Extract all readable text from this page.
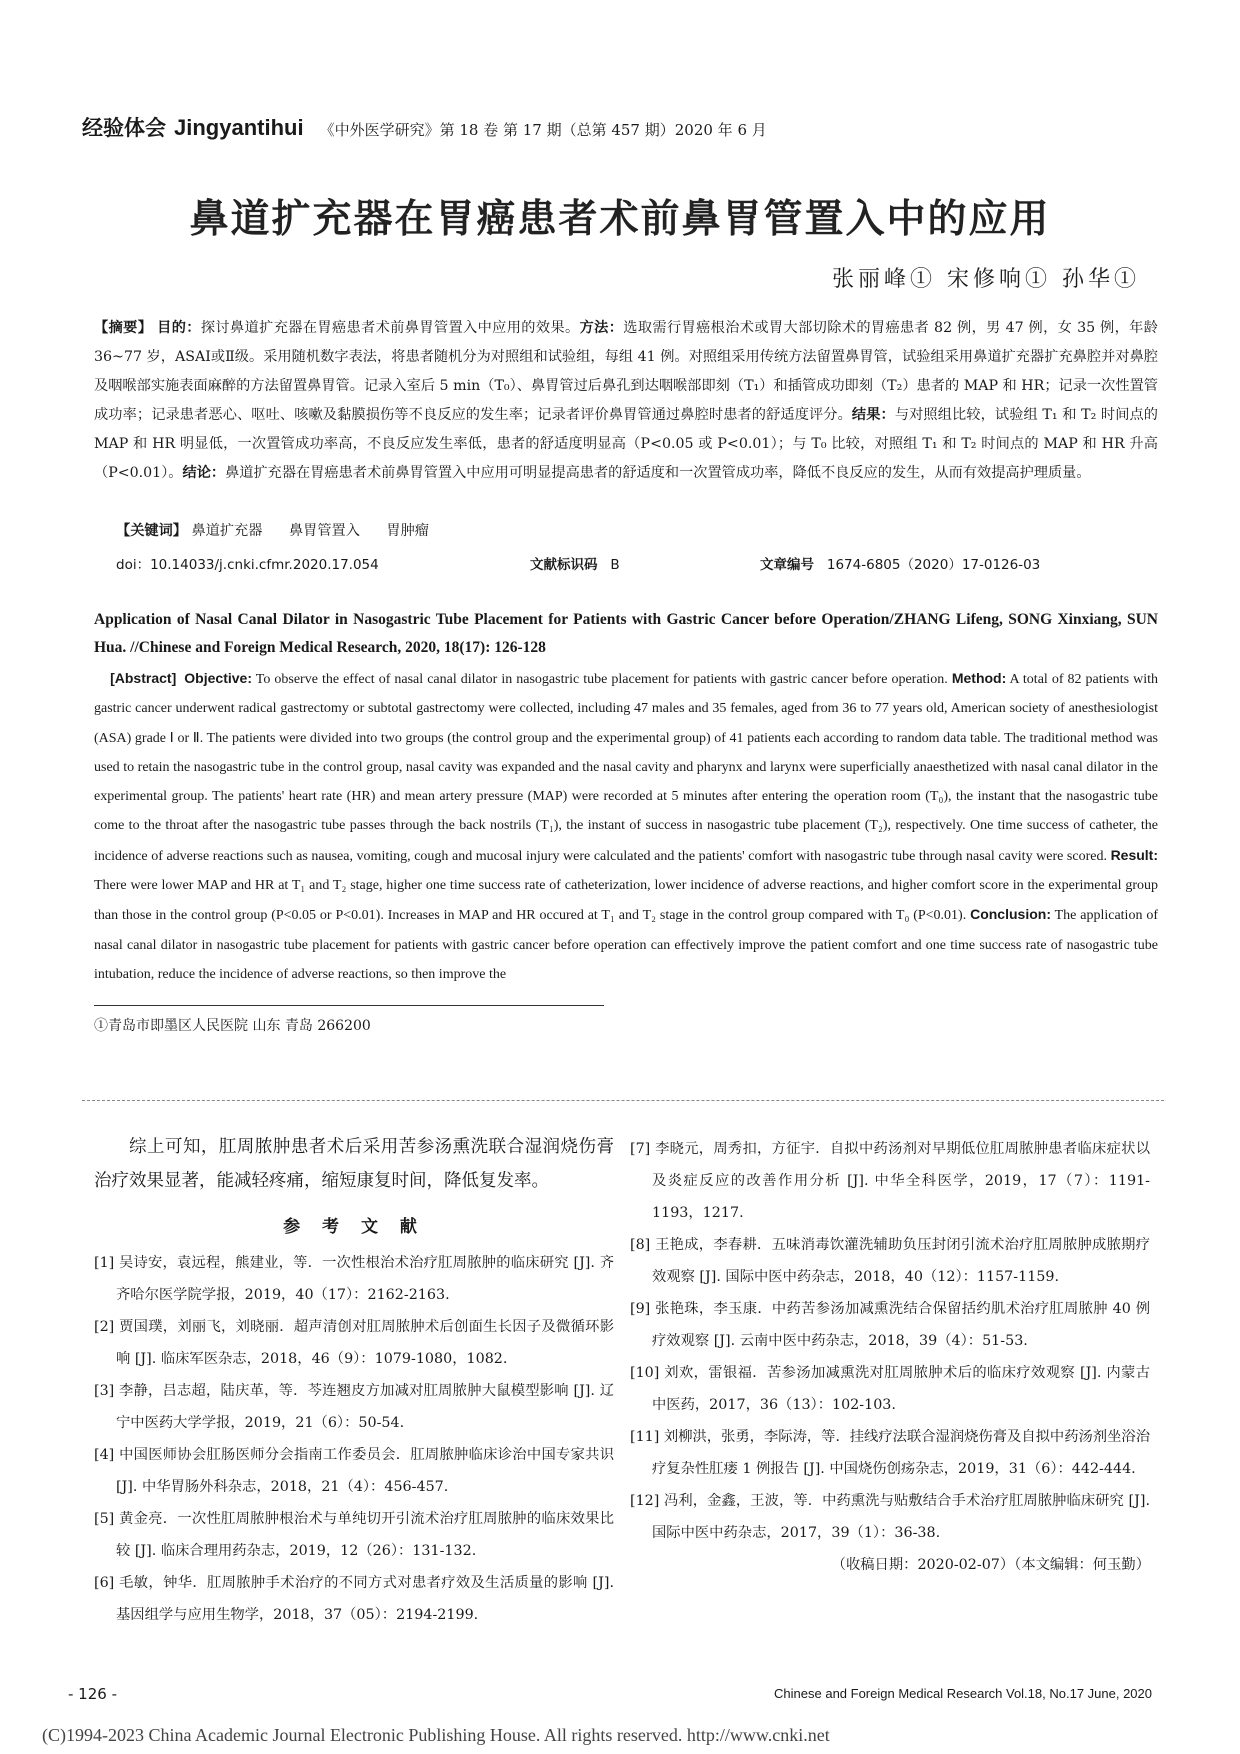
经验体会 Jingyantihui 《中外医学研究》第 18 卷 第 17 期（总第 457 期）2020 年 6 月
鼻道扩充器在胃癌患者术前鼻胃管置入中的应用
张丽峰① 宋修响① 孙华①
【摘要】 目的：探讨鼻道扩充器在胃癌患者术前鼻胃管置入中应用的效果。方法：选取需行胃癌根治术或胃大部切除术的胃癌患者 82 例，男 47 例，女 35 例，年龄 36~77 岁，ASAⅠ或Ⅱ级。采用随机数字表法，将患者随机分为对照组和试验组，每组 41 例。对照组采用传统方法留置鼻胃管，试验组采用鼻道扩充器扩充鼻腔并对鼻腔及咽喉部实施表面麻醉的方法留置鼻胃管。记录入室后 5 min（T₀）、鼻胃管过后鼻孔到达咽喉部即刻（T₁）和插管成功即刻（T₂）患者的 MAP 和 HR；记录一次性置管成功率；记录患者恶心、呕吐、咳嗽及黏膜损伤等不良反应的发生率；记录者评价鼻胃管通过鼻腔时患者的舒适度评分。结果：与对照组比较，试验组 T₁ 和 T₂ 时间点的 MAP 和 HR 明显低，一次置管成功率高，不良反应发生率低，患者的舒适度明显高（P<0.05 或 P<0.01）；与 T₀ 比较，对照组 T₁ 和 T₂ 时间点的 MAP 和 HR 升高（P<0.01）。结论：鼻道扩充器在胃癌患者术前鼻胃管置入中应用可明显提高患者的舒适度和一次置管成功率，降低不良反应的发生，从而有效提高护理质量。
【关键词】 鼻道扩充器 鼻胃管置入 胃肿瘤
doi：10.14033/j.cnki.cfmr.2020.17.054	文献标识码 B	文章编号 1674-6805（2020）17-0126-03
Application of Nasal Canal Dilator in Nasogastric Tube Placement for Patients with Gastric Cancer before Operation/ZHANG Lifeng, SONG Xinxiang, SUN Hua. //Chinese and Foreign Medical Research, 2020, 18(17): 126-128
[Abstract] Objective: To observe the effect of nasal canal dilator in nasogastric tube placement for patients with gastric cancer before operation. Method: A total of 82 patients with gastric cancer underwent radical gastrectomy or subtotal gastrectomy were collected, including 47 males and 35 females, aged from 36 to 77 years old, American society of anesthesiologist (ASA) grade Ⅰ or Ⅱ. The patients were divided into two groups (the control group and the experimental group) of 41 patients each according to random data table. The traditional method was used to retain the nasogastric tube in the control group, nasal cavity was expanded and the nasal cavity and pharynx and larynx were superficially anaesthetized with nasal canal dilator in the experimental group. The patients' heart rate (HR) and mean artery pressure (MAP) were recorded at 5 minutes after entering the operation room (T₀), the instant that the nasogastric tube come to the throat after the nasogastric tube passes through the back nostrils (T₁), the instant of success in nasogastric tube placement (T₂), respectively. One time success of catheter, the incidence of adverse reactions such as nausea, vomiting, cough and mucosal injury were calculated and the patients' comfort with nasogastric tube through nasal cavity were scored. Result: There were lower MAP and HR at T₁ and T₂ stage, higher one time success rate of catheterization, lower incidence of adverse reactions, and higher comfort score in the experimental group than those in the control group (P<0.05 or P<0.01). Increases in MAP and HR occured at T₁ and T₂ stage in the control group compared with T₀ (P<0.01). Conclusion: The application of nasal canal dilator in nasogastric tube placement for patients with gastric cancer before operation can effectively improve the patient comfort and one time success rate of nasogastric tube intubation, reduce the incidence of adverse reactions, so then improve the
①青岛市即墨区人民医院 山东 青岛 266200
综上可知，肛周脓肿患者术后采用苦参汤熏洗联合湿润烧伤膏治疗效果显著，能减轻疼痛，缩短康复时间，降低复发率。
参 考 文 献
[1] 吴诗安，袁远程，熊建业，等．一次性根治术治疗肛周脓肿的临床研究 [J]. 齐齐哈尔医学院学报，2019，40（17）：2162-2163.
[2] 贾国璞，刘丽飞，刘晓丽．超声清创对肛周脓肿术后创面生长因子及微循环影响 [J]. 临床军医杂志，2018，46（9）：1079-1080，1082.
[3] 李静，吕志超，陆庆革，等．芩连翘皮方加减对肛周脓肿大鼠模型影响 [J]. 辽宁中医药大学学报，2019，21（6）：50-54.
[4] 中国医师协会肛肠医师分会指南工作委员会．肛周脓肿临床诊治中国专家共识 [J]. 中华胃肠外科杂志，2018，21（4）：456-457.
[5] 黄金亮．一次性肛周脓肿根治术与单纯切开引流术治疗肛周脓肿的临床效果比较 [J]. 临床合理用药杂志，2019，12（26）：131-132.
[6] 毛敏，钟华．肛周脓肿手术治疗的不同方式对患者疗效及生活质量的影响 [J]. 基因组学与应用生物学，2018，37（05）：2194-2199.
[7] 李晓元，周秀扣，方征宇．自拟中药汤剂对早期低位肛周脓肿患者临床症状以及炎症反应的改善作用分析 [J]. 中华全科医学，2019，17（7）：1191-1193，1217.
[8] 王艳成，李春耕．五味消毒饮灌洗辅助负压封闭引流术治疗肛周脓肿成脓期疗效观察 [J]. 国际中医中药杂志，2018，40（12）：1157-1159.
[9] 张艳珠，李玉康．中药苦参汤加减熏洗结合保留括约肌术治疗肛周脓肿 40 例疗效观察 [J]. 云南中医中药杂志，2018，39（4）：51-53.
[10] 刘欢，雷银福．苦参汤加减熏洗对肛周脓肿术后的临床疗效观察 [J]. 内蒙古中医药，2017，36（13）：102-103.
[11] 刘柳洪，张勇，李际涛，等．挂线疗法联合湿润烧伤膏及自拟中药汤剂坐浴治疗复杂性肛瘘 1 例报告 [J]. 中国烧伤创疡杂志，2019，31（6）：442-444.
[12] 冯利，金鑫，王波，等．中药熏洗与贴敷结合手术治疗肛周脓肿临床研究 [J]. 国际中医中药杂志，2017，39（1）：36-38.
（收稿日期：2020-02-07）（本文编辑：何玉勤）
- 126 -	Chinese and Foreign Medical Research Vol.18, No.17 June, 2020
(C)1994-2023 China Academic Journal Electronic Publishing House. All rights reserved. http://www.cnki.net
